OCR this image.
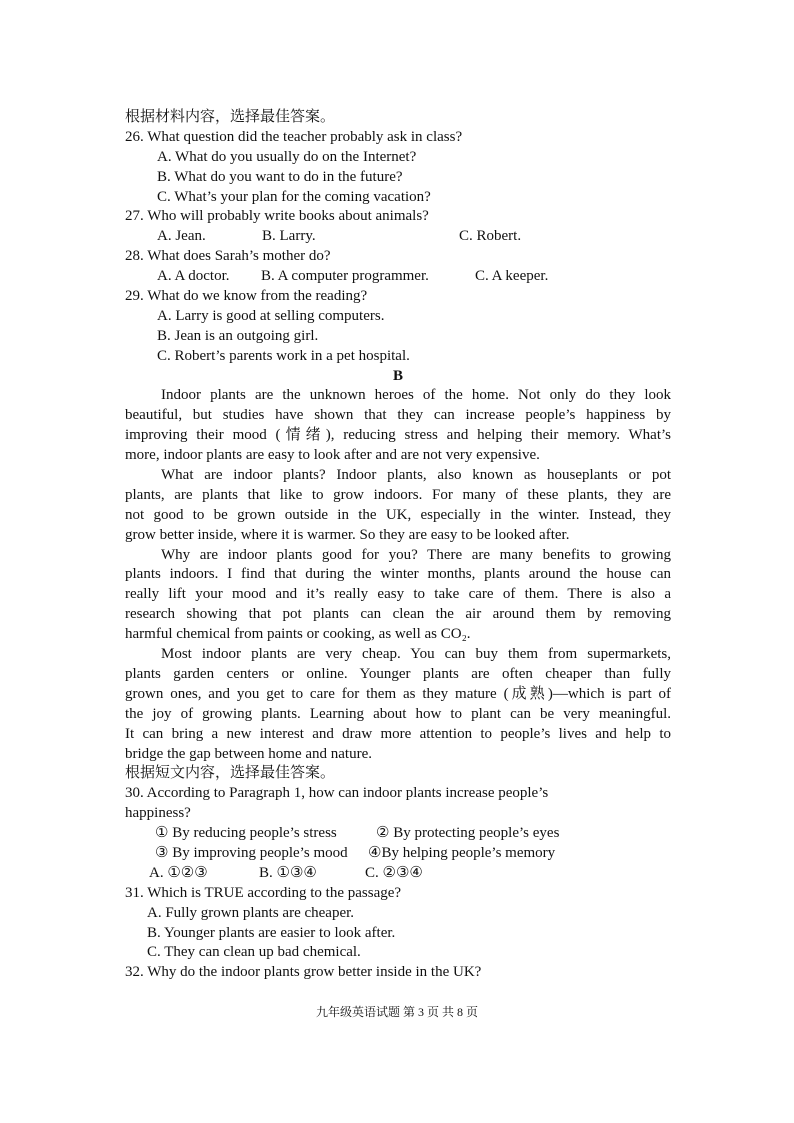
根据材料内容，选择最佳答案。
26. What question did the teacher probably ask in class?
A. What do you usually do on the Internet?
B. What do you want to do in the future?
C. What’s your plan for the coming vacation?
27. Who will probably write books about animals?
A. Jean.	B. Larry.	C. Robert.
28. What does Sarah’s mother do?
A. A doctor. B. A computer programmer.	C. A keeper.
29. What do we know from the reading?
A. Larry is good at selling computers.
B. Jean is an outgoing girl.
C. Robert’s parents work in a pet hospital.
B
Indoor plants are the unknown heroes of the home. Not only do they look
beautiful, but studies have shown that they can increase people’s happiness by
improving their mood (情绪), reducing stress and helping their memory. What’s
more, indoor plants are easy to look after and are not very expensive.
What are indoor plants? Indoor plants, also known as houseplants or pot
plants, are plants that like to grow indoors. For many of these plants, they are
not good to be grown outside in the UK, especially in the winter. Instead, they
grow better inside, where it is warmer. So they are easy to be looked after.
Why are indoor plants good for you? There are many benefits to growing
plants indoors. I find that during the winter months, plants around the house can
really lift your mood and it’s really easy to take care of them. There is also a
research showing that pot plants can clean the air around them by removing
harmful chemical from paints or cooking, as well as CO₂.
Most indoor plants are very cheap. You can buy them from supermarkets,
plants garden centers or online. Younger plants are often cheaper than fully
grown ones, and you get to care for them as they mature (成熟)—which is part of
the joy of growing plants. Learning about how to plant can be very meaningful.
It can bring a new interest and draw more attention to people’s lives and help to
bridge the gap between home and nature.
根据短文内容，选择最佳答案。
30. According to Paragraph 1, how can indoor plants increase people’s
happiness?
① By reducing people’s stress	② By protecting people’s eyes
③ By improving people’s mood ④By helping people’s memory
A. ①②③	B. ①③④	C. ②③④
31. Which is TRUE according to the passage?
A. Fully grown plants are cheaper.
B. Younger plants are easier to look after.
C. They can clean up bad chemical.
32. Why do the indoor plants grow better inside in the UK?
九年级英语试题 第 3 页 共 8 页
